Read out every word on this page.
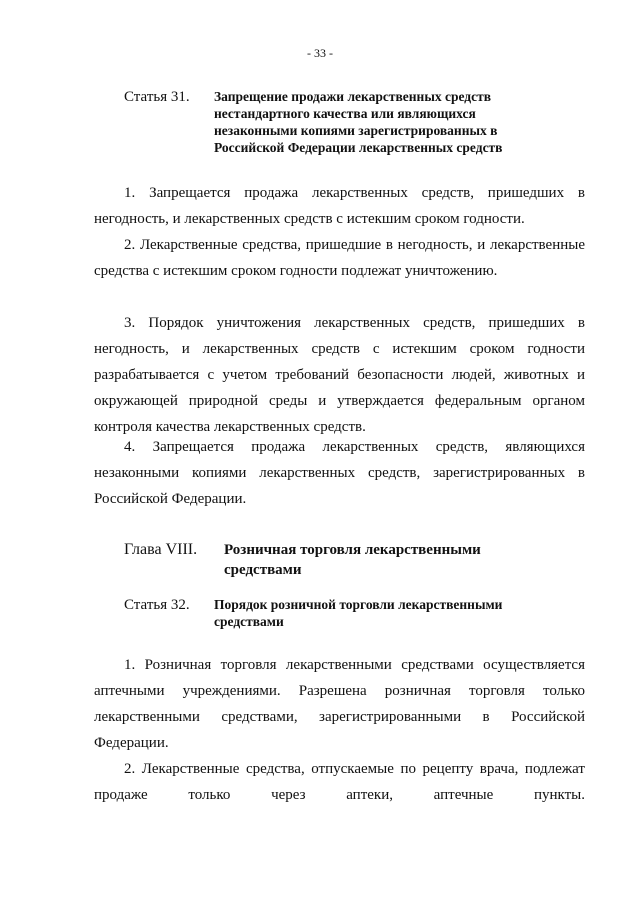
- 33 -
Статья 31.	Запрещение продажи лекарственных средств нестандартного качества или являющихся незаконными копиями зарегистрированных в Российской Федерации лекарственных средств
1. Запрещается продажа лекарственных средств, пришедших в негодность, и лекарственных средств с истекшим сроком годности.
2. Лекарственные средства, пришедшие в негодность, и лекарственные средства с истекшим сроком годности подлежат уничтожению.
3. Порядок уничтожения лекарственных средств, пришедших в негодность, и лекарственных средств с истекшим сроком годности разрабатывается с учетом требований безопасности людей, животных и окружающей природной среды и утверждается федеральным органом контроля качества лекарственных средств.
4. Запрещается продажа лекарственных средств, являющихся незаконными копиями лекарственных средств, зарегистрированных в Российской Федерации.
Глава VIII.	Розничная торговля лекарственными средствами
Статья 32.	Порядок розничной торговли лекарственными средствами
1. Розничная торговля лекарственными средствами осуществляется аптечными учреждениями. Разрешена розничная торговля только лекарственными средствами, зарегистрированными в Российской Федерации.
2. Лекарственные средства, отпускаемые по рецепту врача, подлежат продаже только через аптеки, аптечные пункты.
